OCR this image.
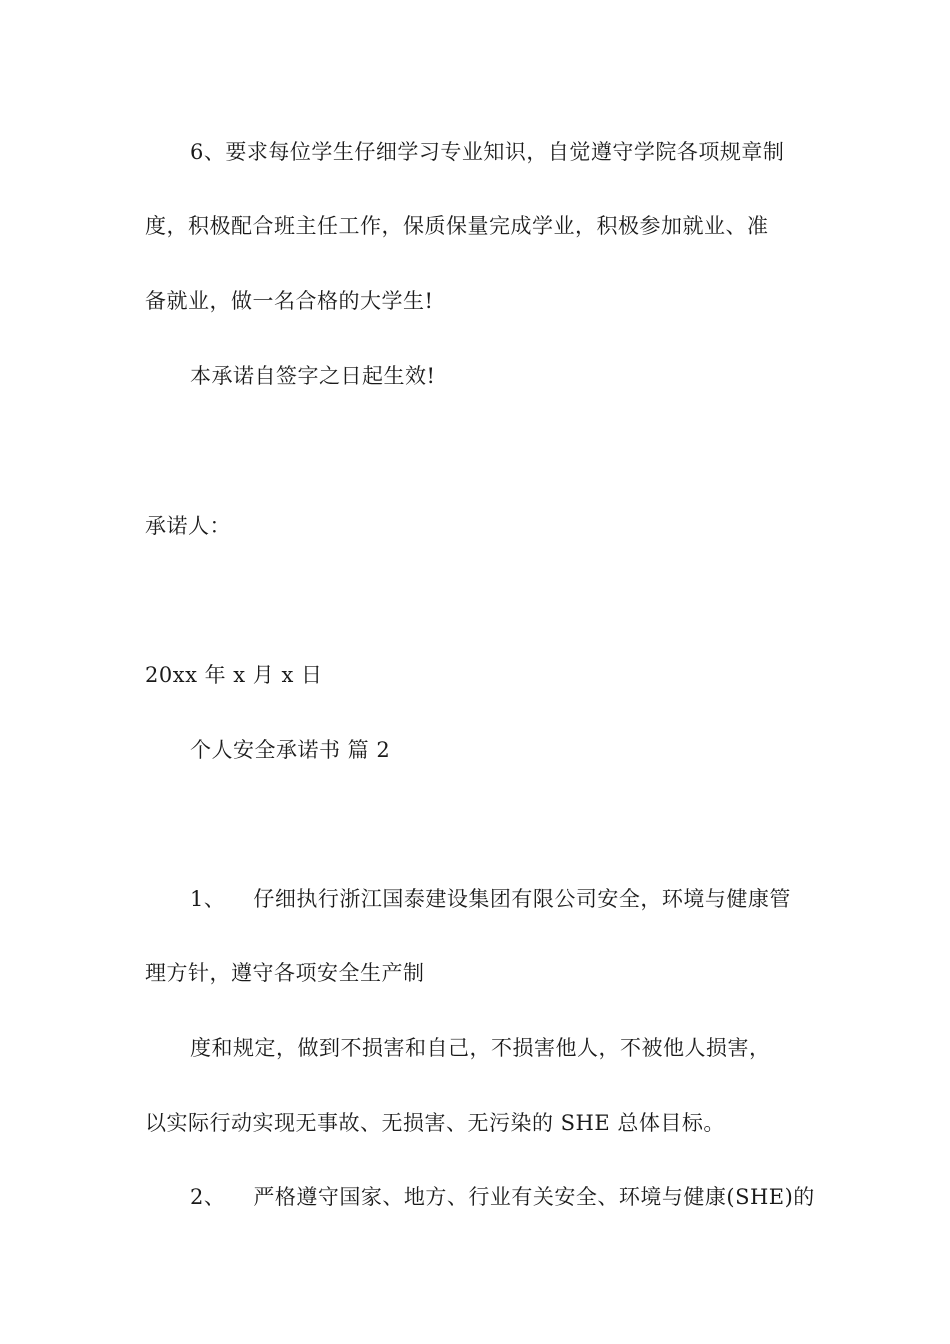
6、要求每位学生仔细学习专业知识，自觉遵守学院各项规章制
度，积极配合班主任工作，保质保量完成学业，积极参加就业、准
备就业，做一名合格的大学生!
本承诺自签字之日起生效!
承诺人：
20xx 年 x 月 x 日
个人安全承诺书 篇 2
1、 仔细执行浙江国泰建设集团有限公司安全，环境与健康管
理方针，遵守各项安全生产制
度和规定，做到不损害和自己，不损害他人，不被他人损害，
以实际行动实现无事故、无损害、无污染的 SHE 总体目标。
2、 严格遵守国家、地方、行业有关安全、环境与健康(SHE)的
